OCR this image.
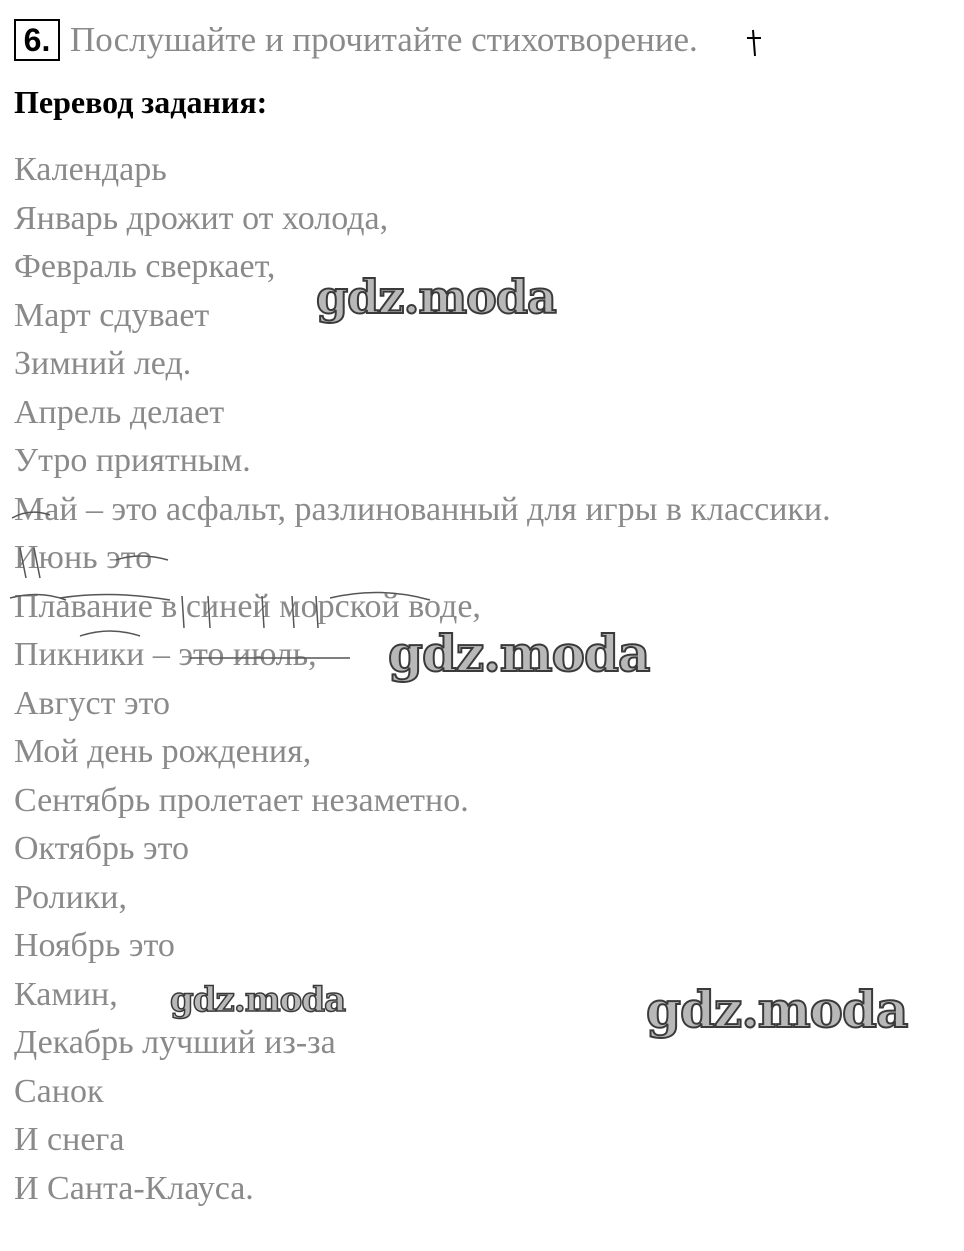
6. Послушайте и прочитайте стихотворение.
Перевод задания:
Календарь
Январь дрожит от холода,
Февраль сверкает,
Март сдувает
Зимний лед.
Апрель делает
Утро приятным.
Май – это асфальт, разлинованный для игры в классики.
Июнь это
Плавание в синей морской воде,
Пикники – это июль,
Август это
Мой день рождения,
Сентябрь пролетает незаметно.
Октябрь это
Ролики,
Ноябрь это
Камин,
Декабрь лучший из-за
Санок
И снега
И Санта-Клауса.
gdz.moda
gdz.moda
gdz.moda	gdz.moda
